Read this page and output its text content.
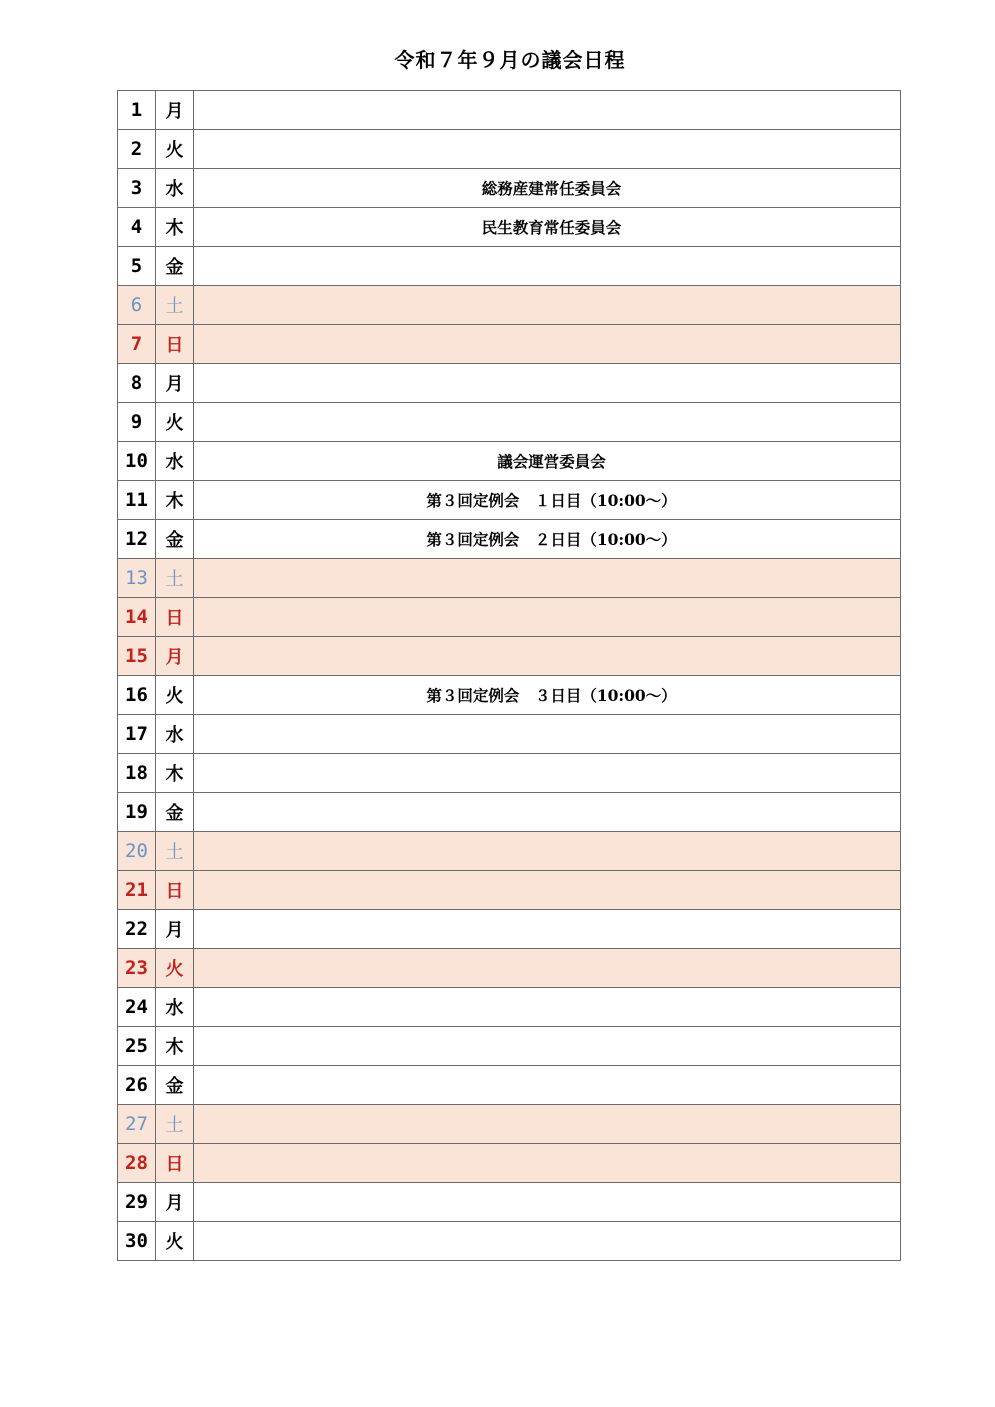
令和７年９月の議会日程
1	月	
2	火	
3	水	総務産建常任委員会
4	木	民生教育常任委員会
5	金	
6	土	
7	日	
8	月	
9	火	
10	水	議会運営委員会
11	木	第３回定例会　１日目（10:00～）
12	金	第３回定例会　２日目（10:00～）
13	土	
14	日	
15	月	
16	火	第３回定例会　３日目（10:00～）
17	水	
18	木	
19	金	
20	土	
21	日	
22	月	
23	火	
24	水	
25	木	
26	金	
27	土	
28	日	
29	月	
30	火	
